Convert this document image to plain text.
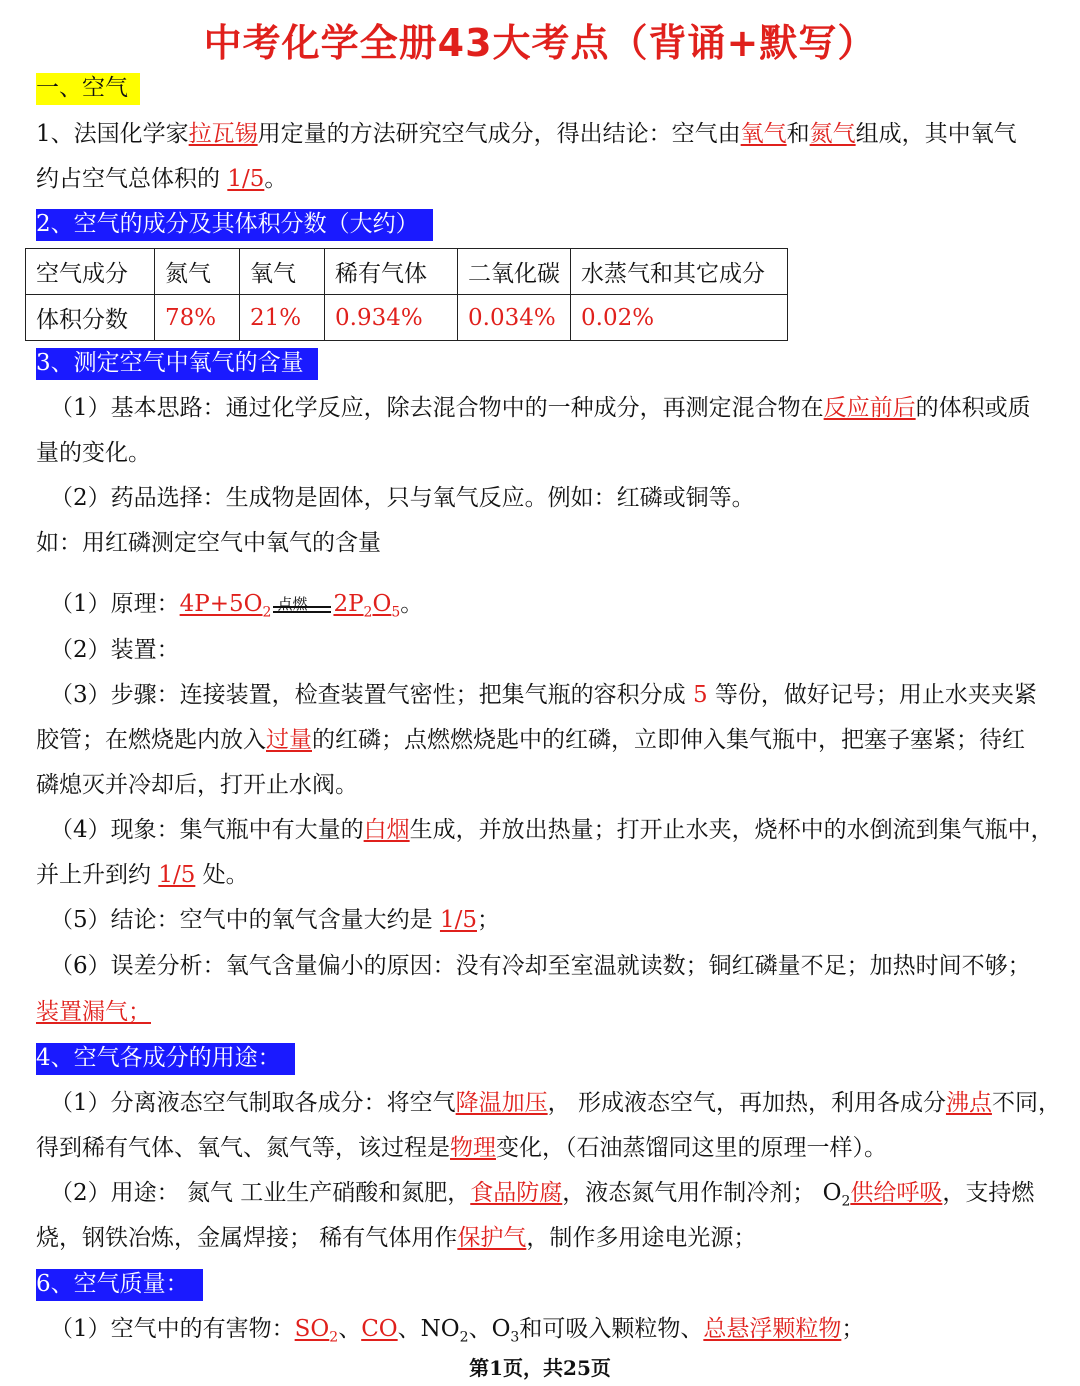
中考化学全册43大考点（背诵+默写）
一、空气
1、法国化学家拉瓦锡用定量的方法研究空气成分，得出结论：空气由氧气和氮气组成，其中氧气
约占空气总体积的 1/5。
2、空气的成分及其体积分数（大约）
空气成分	氮气	氧气	稀有气体	二氧化碳	水蒸气和其它成分
体积分数	78%	21%	0.934%	0.034%	0.02%
3、测定空气中氧气的含量
（1）基本思路：通过化学反应，除去混合物中的一种成分，再测定混合物在反应前后的体积或质
量的变化。
（2）药品选择：生成物是固体，只与氧气反应。例如：红磷或铜等。
如：用红磷测定空气中氧气的含量
（1）原理：$4P+5O_2$ 点燃 $2P_2O_5$。
（2）装置：
（3）步骤：连接装置，检查装置气密性；把集气瓶的容积分成 5 等份，做好记号；用止水夹夹紧
胶管；在燃烧匙内放入过量的红磷；点燃燃烧匙中的红磷，立即伸入集气瓶中，把塞子塞紧；待红
磷熄灭并冷却后，打开止水阀。
（4）现象：集气瓶中有大量的白烟生成，并放出热量；打开止水夹，烧杯中的水倒流到集气瓶中，
并上升到约 1/5 处。
（5）结论：空气中的氧气含量大约是 1/5；
（6）误差分析：氧气含量偏小的原因：没有冷却至室温就读数；铜红磷量不足；加热时间不够；
装置漏气；
4、空气各成分的用途：
（1）分离液态空气制取各成分：将空气降温加压， 形成液态空气，再加热，利用各成分沸点不同，
得到稀有气体、氧气、氮气等，该过程是物理变化，（石油蒸馏同这里的原理一样）。
（2）用途： 氮气 工业生产硝酸和氮肥，食品防腐，液态氮气用作制冷剂； $O_2$供给呼吸，支持燃
烧，钢铁冶炼，金属焊接； 稀有气体用作保护气，制作多用途电光源；
6、空气质量：
（1）空气中的有害物：$SO_2$、CO、$NO_2$、$O_3$和可吸入颗粒物、总悬浮颗粒物；
第1页，共25页
